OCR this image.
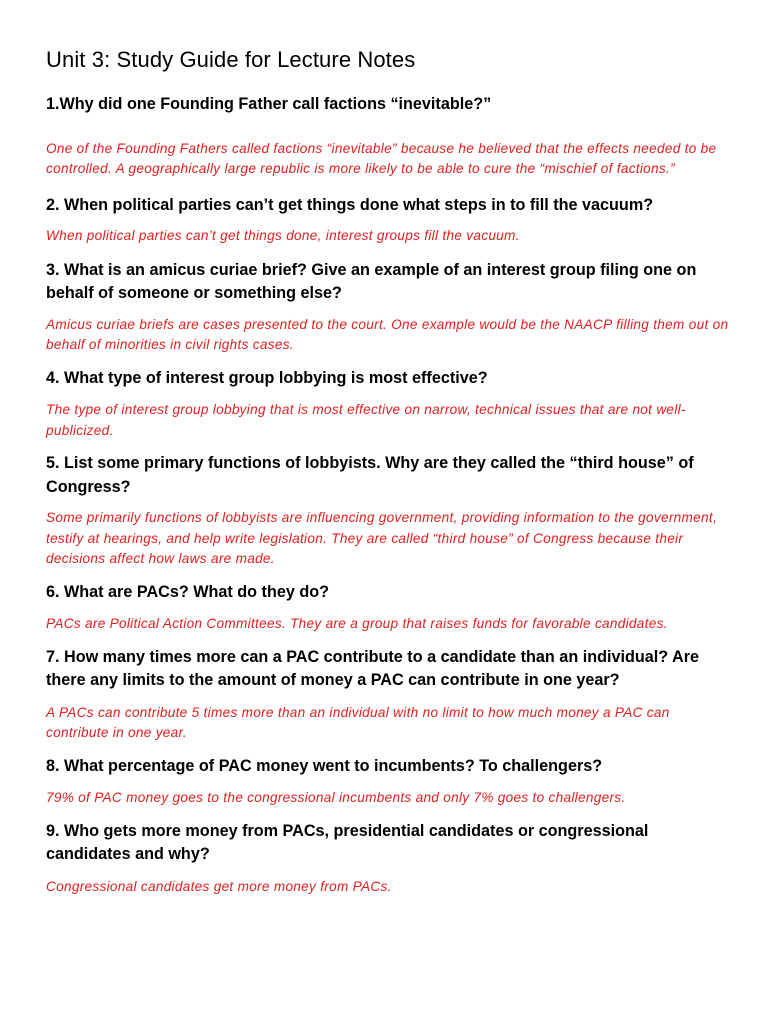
Unit 3: Study Guide for Lecture Notes

1.Why did one Founding Father call factions “inevitable?”

One of the Founding Fathers called factions “inevitable” because he believed that the effects needed to be controlled. A geographically large republic is more likely to be able to cure the “mischief of factions.”

2. When political parties can’t get things done what steps in to fill the vacuum?

When political parties can’t get things done, interest groups fill the vacuum.

3. What is an amicus curiae brief? Give an example of an interest group filing one on behalf of someone or something else?

Amicus curiae briefs are cases presented to the court. One example would be the NAACP filling them out on behalf of minorities in civil rights cases.

4. What type of interest group lobbying is most effective?

The type of interest group lobbying that is most effective on narrow, technical issues that are not well-publicized.

5. List some primary functions of lobbyists. Why are they called the “third house” of Congress?

Some primarily functions of lobbyists are influencing government, providing information to the government, testify at hearings, and help write legislation. They are called “third house” of Congress because their decisions affect how laws are made.

6. What are PACs? What do they do?

PACs are Political Action Committees. They are a group that raises funds for favorable candidates.

7. How many times more can a PAC contribute to a candidate than an individual? Are there any limits to the amount of money a PAC can contribute in one year?

A PACs can contribute 5 times more than an individual with no limit to how much money a PAC can contribute in one year.

8. What percentage of PAC money went to incumbents? To challengers?

79% of PAC money goes to the congressional incumbents and only 7% goes to challengers.

9. Who gets more money from PACs, presidential candidates or congressional candidates and why?

Congressional candidates get more money from PACs.
